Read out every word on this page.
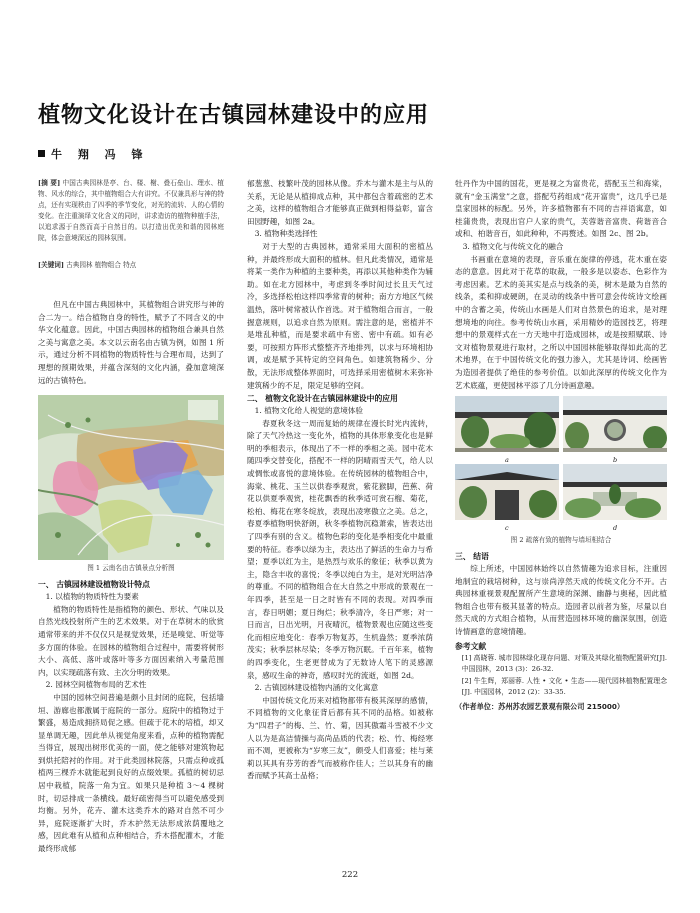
植物文化设计在古镇园林建设中的应用
牛 翔 冯 锋

[摘 要] 中国古典园林是亭、台、楼、榭、叠石垒山、理水、植物、风水的综合，其中植物组合大有讲究。不仅兼具形与神的特点，还有实现秩由了四季的季节变化，对光的流转、人的心情的变化。在注重演绎文化含义的同时，讲求造访的植物种植手法，以追求源于自然而高于自然目的。以打造出优美和谐的园林庭院，体会意境深远的园林氛围。

[关键词] 古典园林 植物组合 特点

但凡在中国古典园林中，其植物组合讲究形与神的合二为一。结合植物自身的特性，赋予了不同含义的中华文化蕴意。因此，中国古典园林的植物组合兼具自然之美与寓意之美。本文以云南名由古镇为例，如图 1 所示，通过分析不同植物的物质特性与合理布局，达到了理想的预期效果，并蕴含深刻的文化内涵，叠加意境深远的古镇特色。

图 1 云南名由古镇景点分析图
一、 古镇园林建设植物设计特点
1. 以植物的物质特性为要素

植物的物质特性是指植物的颜色、形状、气味以及自然光线投射所产生的艺术效果。对于在草树木的欣赏通常带来的并不仅仅只是视觉效果，还是嗅觉、听觉等多方面的体验。在园林的植物组合过程中，需要将树形大小、高低、落叶或落叶等多方面因素纳入考量范围内，以实现疏落有致、主次分明的效果。

2. 园林空间植物布局的艺术性

中国的园林空间普遍是颇小且封闭的庭院，包括墙垣、游廊也都激属于庭院的一部分。庭院中的植物过于繁盛，易造成拥挤局促之感。但疏于花木的培植，却又显单调无趣，因此单从视觉角度来看，点种的植物需配当得宜，展现出树形优美的一面，使之能够对建筑物起到烘托陪衬的作用。对于此类园林院落，只需点种或孤植两三棵乔木就能起到良好的点缀效果。孤植的树切忌居中栽植，院落一角为宜。如果只是种植 3～4 棵树时，切忌排成一条横线。最好疏密得当可以避免感受到均衡。另外，花卉、灌木这类乔木的路对自然不可少异，庭院逐渐扩大时，乔木护然无法形成浓荫覆地之感，因此难有从植和点种相结合，乔木搭配灌木，才能最终形成郁

郁葱葱、枝繁叶茂的园林从像。乔木与灌木是主与从的关系，无论是从植抑成点种，其中都包含着疏密的艺术之美，这样的植物组合才能够真正做到相得益彰，富含田园野趣，如图 2a。

3. 植物种类选择性

对于大型的古典园林，通常采用大面积的密植丛种，并最终形成大面积的植林。但凡此类情况，通常是将某一类作为种植的主要种类，再添以其他种类作为辅助。如在北方园林中，考虑到冬季时间过长且天气过冷，多选择松柏这样四季常青的树种；南方方地区气候温热，落叶树常被认作首选。对于植物组合而言，一般握意规则，以追求自然为原则。需注意的是，密植并不是堆乱种植，而是要求疏中有密、密中有疏。如有必要，可按照方阵形式整整齐齐地排列，以求与环境相协调，或是赋予其特定的空间角色。如建筑物稀少、分散，无法形成整体界面时，可选择采用密植树木来弥补建筑稀少的不足，限定足够的空间。

二、 植物文化设计在古镇园林建设中的应用
1. 植物文化给人视觉的意境体验

春夏秋冬这一周而复始的规律在漫长时光内流转，除了天气冷热这一变化外，植物的具体形象变化也是鲜明的季相表示，体现出了不一样的季相之美。园中花木随四季交替变化，搭配不一样的阴晴雨雪天气，给人以或惆怅或喜悦的意境体验。在传统园林的植物组合中，海棠、桃花、玉兰以供春季观赏，紫花猴脚，芭蕉、荷花以供夏季观赏，桂花飘香的秋季适可赏石榴、菊花，松柏、梅花在寒冬绽放，表现出凌寒傲立之美。总之，春夏季植物明快舒朗，秋冬季植物沉稳萧索，皆表达出了四季有别的含义。植物色彩的变化是季相变化中最重要的特征。春季以绿为主，表达出了鲜活的生命力与希望；夏季以红为主，是热烈与欢乐的象征；秋季以黄为主，隐含丰收的喜悦；冬季以纯白为主，是对光明洁净的尊重。不同的植物组合在大自然之中形成的景观在一年四季，甚至是一日之时皆有不同的表现。对四季而言，春日明媚；夏日绚烂；秋季清冷，冬日严寒；对一日而言，日出光明，月夜晴沉，植物景观也应随这些变化而相应地变化：春季万物复苏，生机盎然；夏季浓荫茂实；秋季层林尽染；冬季万物沉眠。千百年来，植物的四季变化，生老更替成为了无数诗人笔下的灵感源泉，感叹生命的神奇，感叹时光的流逝，如图 2d。

2. 古镇园林建设植物内涵的文化寓意

中国传统文化历来对植物都带有极其深厚的感情，不同植物的文化象征背后都有其不同的品格。如被称为“四君子”的梅、兰、竹、菊，因其傲霜斗雪被不少文人以为是高洁情操与高尚品质的代表；松、竹、梅经寒而不凋，更被称为“岁寒三友”，颇受人们喜爱；桂与莱莉以其具有芬芳的香气而被称作佳人；兰以其身有的幽香而赋予其高士品格；

牡丹作为中国的国花，更是视之为富贵花，搭配玉兰和海棠，就有“金玉满堂”之意，搭配芍药组成“花开富贵”，这几乎已是皇家园林的标配。另外，许多植物都有不同的吉祥语寓意，如桂蒲贵贵，表现出官户人家的贵气，芙蓉谐音富贵、荷谐音合或和、柏谐音百，如此种种，不再赘述。如图 2c、图 2b。

3. 植物文化与传统文化的融合

书画重在意境的表现，音乐重在旋律的停逃，花木重在姿态的意意。因此对于花草的取裁，一般多是以姿态、色彩作为考虑因素。艺术的美其实是点与线条的美，树木是最为自然的线条，柔和抑或硬朗，在灵动的线条中皆可意会传统诗文绘画中的含蓄之美，传统山水画是人们对自然景色的追求，是对理想境地的向往。参考传统山水画，采用精妙的造园技艺，将理想中的景观样式在一方天地中打造成园林，或是按照赋联、诗文对植物景观进行取材，之所以中国园林能够取得如此高的艺术地界，在于中国传统文化的强力渗入，尤其是诗词、绘画皆为造园者提供了绝佳的参考价值。以如此深厚的传统文化作为艺术底蕴，更使园林平添了几分诗画意趣。

a	b
c	d
图 2 疏落有致的植物与墙垣相结合
三、 结语

综上所述，中国园林始终以自然情趣为追求目标，注重因地制宜的栽培树种，这与崇尚淳然天成的传统文化分不开。古典园林重视景观配置所产生意境的深渊、幽静与奥秘，因此植物组合也带有极其显著的特点。造园者以前者为鉴，尽量以自然天成的方式组合植物，从而营造园林环境的幽深氛围，创造诗情画意的意境情趣。

参考文献

[1] 高晓蓉. 城市园林绿化现存问题、对策及其绿化植物配置研究[J]. 中国园林，2013 (3)：26-32.

[2] 牛生辉，郑丽蓉. 人性 • 文化 • 生态——现代园林植物配置理念[J]. 中国园林，2012 (2)：33-35.

（作者单位：苏州苏农园艺景观有限公司 215000）

222
